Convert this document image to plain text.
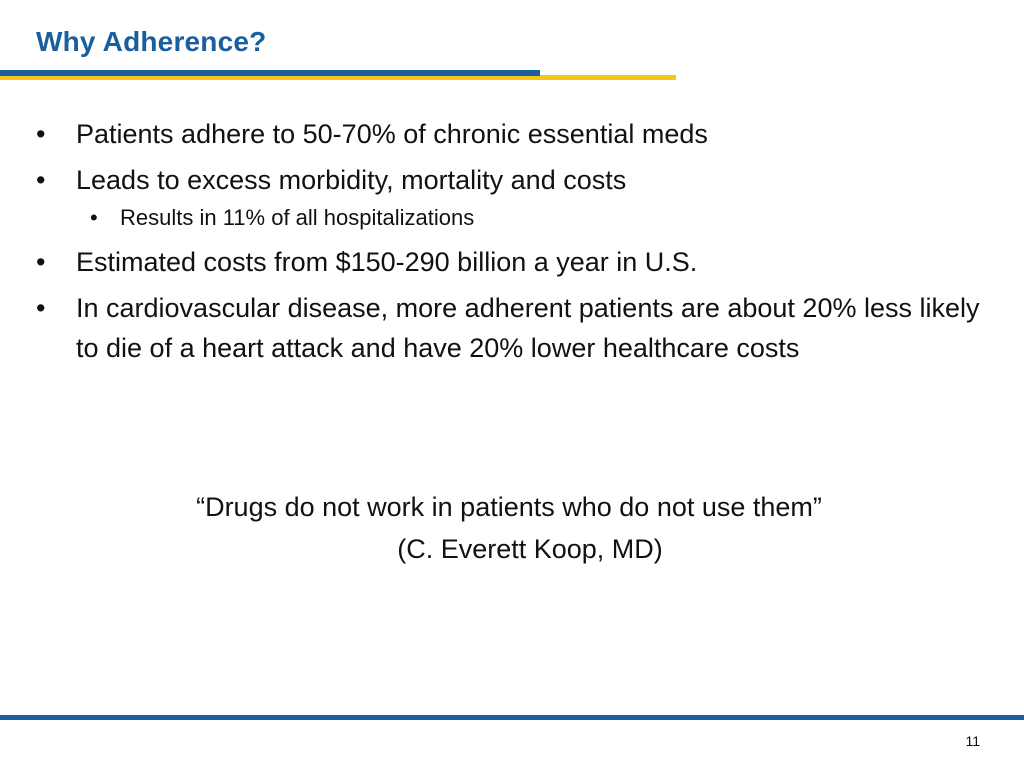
Why Adherence?
• Patients adhere to 50-70% of chronic essential meds
• Leads to excess morbidity, mortality and costs
• Results in 11% of all hospitalizations
• Estimated costs from $150-290 billion a year in U.S.
• In cardiovascular disease, more adherent patients are about 20% less likely to die of a heart attack and have 20% lower healthcare costs
“Drugs do not work in patients who do not use them”
(C. Everett Koop, MD)
11
